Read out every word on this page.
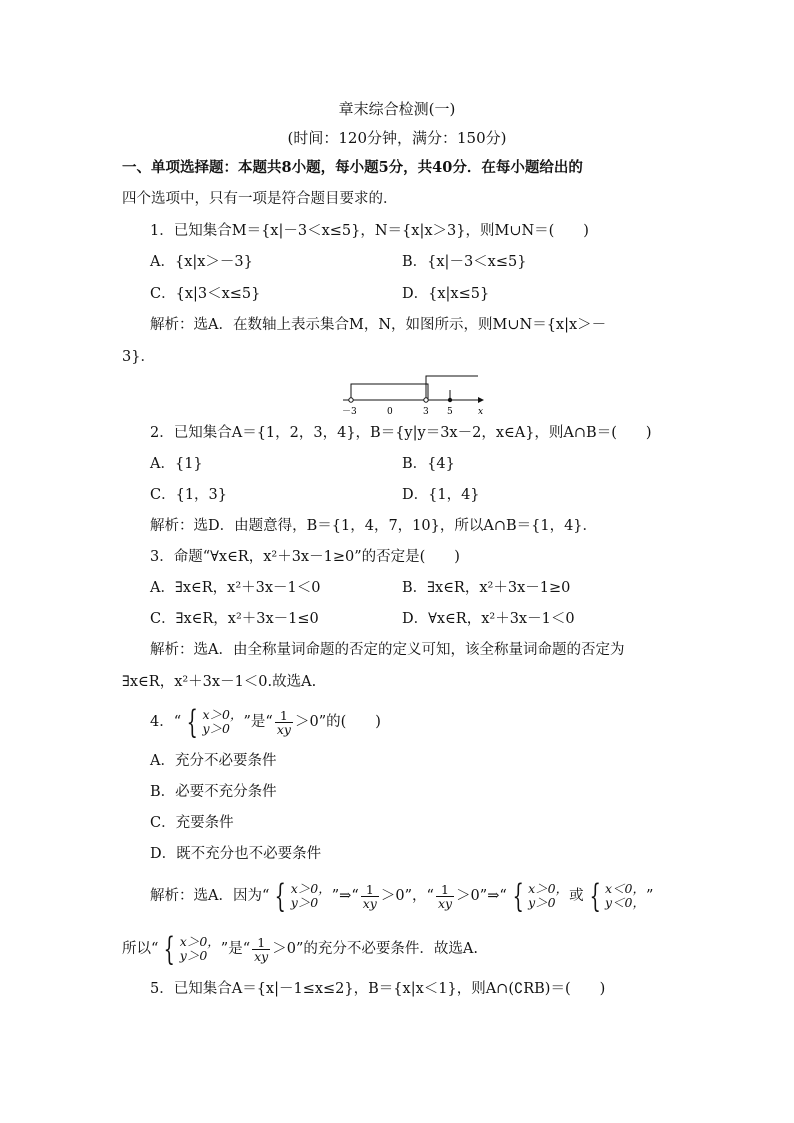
章末综合检测(一)
(时间：120分钟，满分：150分)
一、单项选择题：本题共8小题，每小题5分，共40分．在每小题给出的
四个选项中，只有一项是符合题目要求的．
1．已知集合M＝{x|－3＜x≤5}，N＝{x|x＞3}，则M∪N＝(　　)
A．{x|x＞－3}	B．{x|－3＜x≤5}
C．{x|3＜x≤5}	D．{x|x≤5}
解析：选A．在数轴上表示集合M，N，如图所示，则M∪N＝{x|x＞－
3}．
－3	0	3 5	x
2．已知集合A＝{1，2，3，4}，B＝{y|y＝3x－2，x∈A}，则A∩B＝(　　)
A．{1}	B．{4}
C．{1，3}	D．{1，4}
解析：选D．由题意得，B＝{1，4，7，10}，所以A∩B＝{1，4}．
3．命题“∀x∈R，x²＋3x－1≥0”的否定是(　　)
A．∃x∈R，x²＋3x－1＜0	B．∃x∈R，x²＋3x－1≥0
C．∃x∈R，x²＋3x－1≤0	D．∀x∈R，x²＋3x－1＜0
解析：选A．由全称量词命题的否定的定义可知，该全称量词命题的否定为
∃x∈R，x²＋3x－1＜0.故选A.
4．“ { x＞0，
y＞0 ”是“ $\frac{1}{xy} >0$”的(　　)
A．充分不必要条件
B．必要不充分条件
C．充要条件
D．既不充分也不必要条件
解析：选A．因为“ { x＞0，
y＞0 ”⇒“ $\frac{1}{xy} >0$”，“ $\frac{1}{xy}$ ＞0”⇒“ { x＞0，
y＞0 或 { x＜0，
y＜0， ”
所以“ { x＞0，
y＞0 ”是“ $\frac{1}{xy} >0$”的充分不必要条件．故选A.
5．已知集合A＝{x|－1≤x≤2}，B＝{x|x＜1}，则A∩(∁RB)＝(　　)
